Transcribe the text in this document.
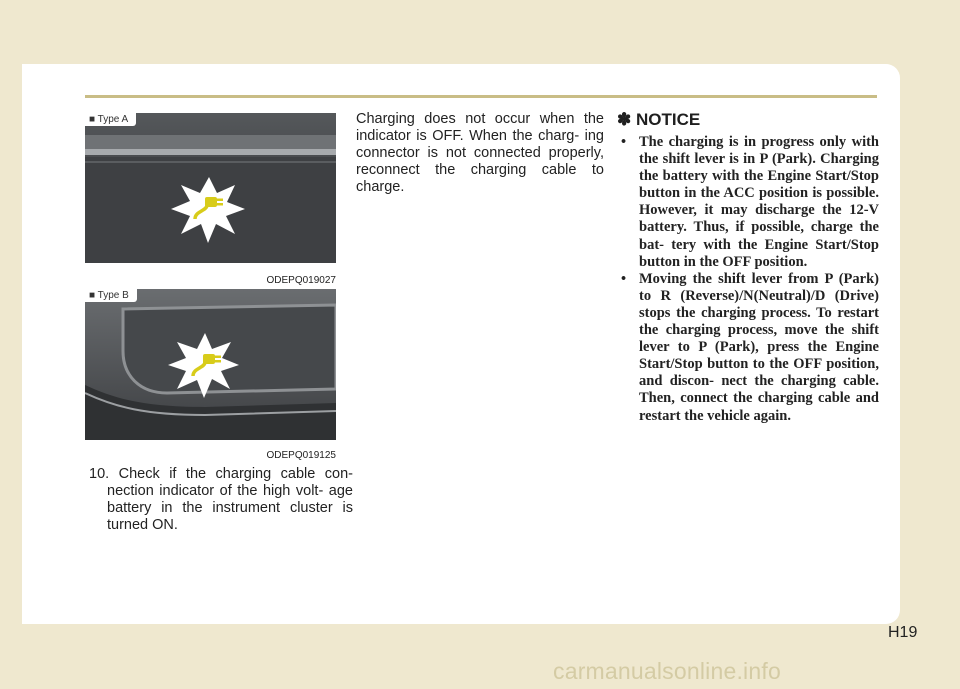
■ Type A
ODEPQ019027
■ Type B
ODEPQ019125
10. Check if the charging cable con- nection indicator of the high volt- age battery in the instrument cluster is turned ON.
Charging does not occur when the indicator is OFF. When the charg- ing connector is not connected properly, reconnect the charging cable to charge.
✽ NOTICE
• The charging is in progress only with the shift lever is in P (Park). Charging the battery with the Engine Start/Stop button in the ACC position is possible. However, it may discharge the 12-V battery. Thus, if possible, charge the bat- tery with the Engine Start/Stop button in the OFF position.
• Moving the shift lever from P (Park) to R (Reverse)/N(Neutral)/D (Drive) stops the charging process. To restart the charging process, move the shift lever to P (Park), press the Engine Start/Stop button to the OFF position, and discon- nect the charging cable. Then, connect the charging cable and restart the vehicle again.
H19
carmanualsonline.info
